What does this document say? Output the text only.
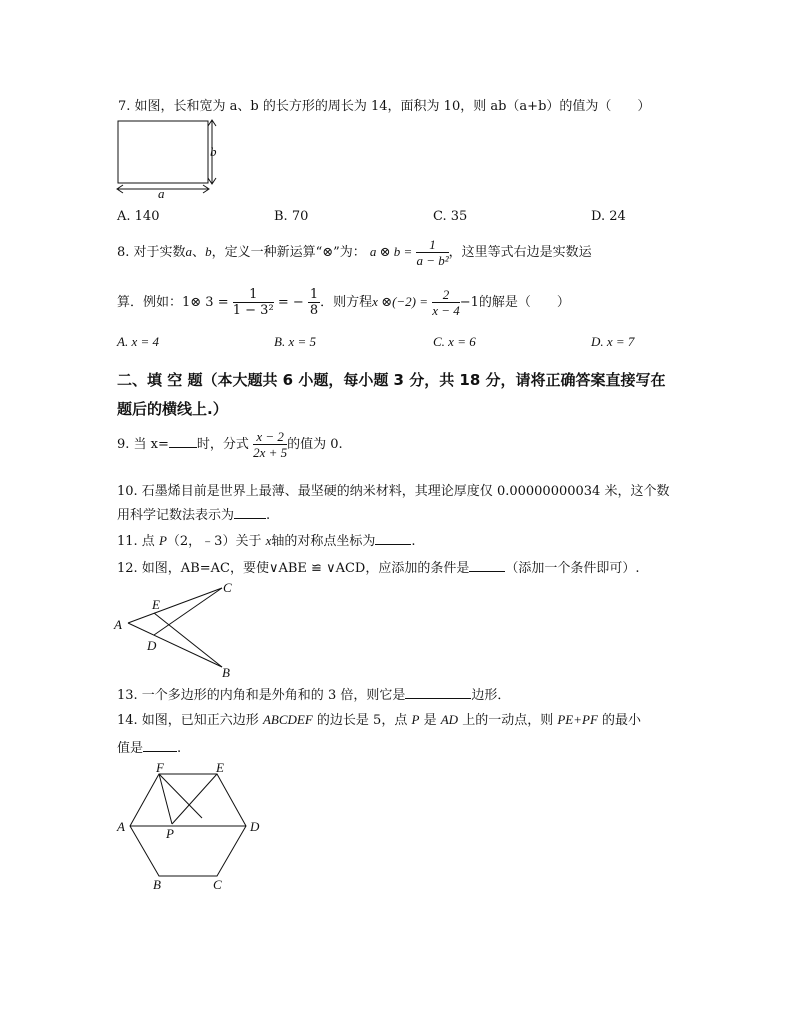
7. 如图，长和宽为 a、b 的长方形的周长为 14，面积为 10，则 ab（a+b）的值为（　　）
b
a
A. 140	B. 70	C. 35	D. 24
8. 对于实数a、b，定义一种新运算“⊗”为： a ⊗ $b = \frac{1}{\text{a − b²}}$ ，这里等式右边是实数运
算．例如：1⊗ $3 = \frac{1}{\text{1 − 3²}}$ = − $\frac{1}{8}$ ．则方程x ⊗(−2) = $\frac{2}{x - 4} -1$的解是（　　）
A. x = 4	B. x = 5	C. x = 6	D. x = 7
二、填 空 题（本大题共 6 小题，每小题 3 分，共 18 分，请将正确答案直接写在
题后的横线上.）
9. 当 x= 时，分式 $\frac{x - 2}{2x + 5}$ 的值为 0.
10. 石墨烯目前是世界上最薄、最坚硬的纳米材料，其理论厚度仅 0.00000000034 米，这个数
用科学记数法表示为 .
11. 点 P（2，﹣3）关于 x轴的对称点坐标为	.
12. 如图，AB=AC，要使∨ABE ≌ ∨ACD，应添加的条件是	（添加一个条件即可）.
A
B
C
D
E
13. 一个多边形的内角和是外角和的 3 倍，则它是	边形．
14. 如图，已知正六边形 ABCDEF 的边长是 5，点 P 是 AD 上的一动点，则 PE+PF 的最小
值是	.
F	E
A	D
P
B	C
